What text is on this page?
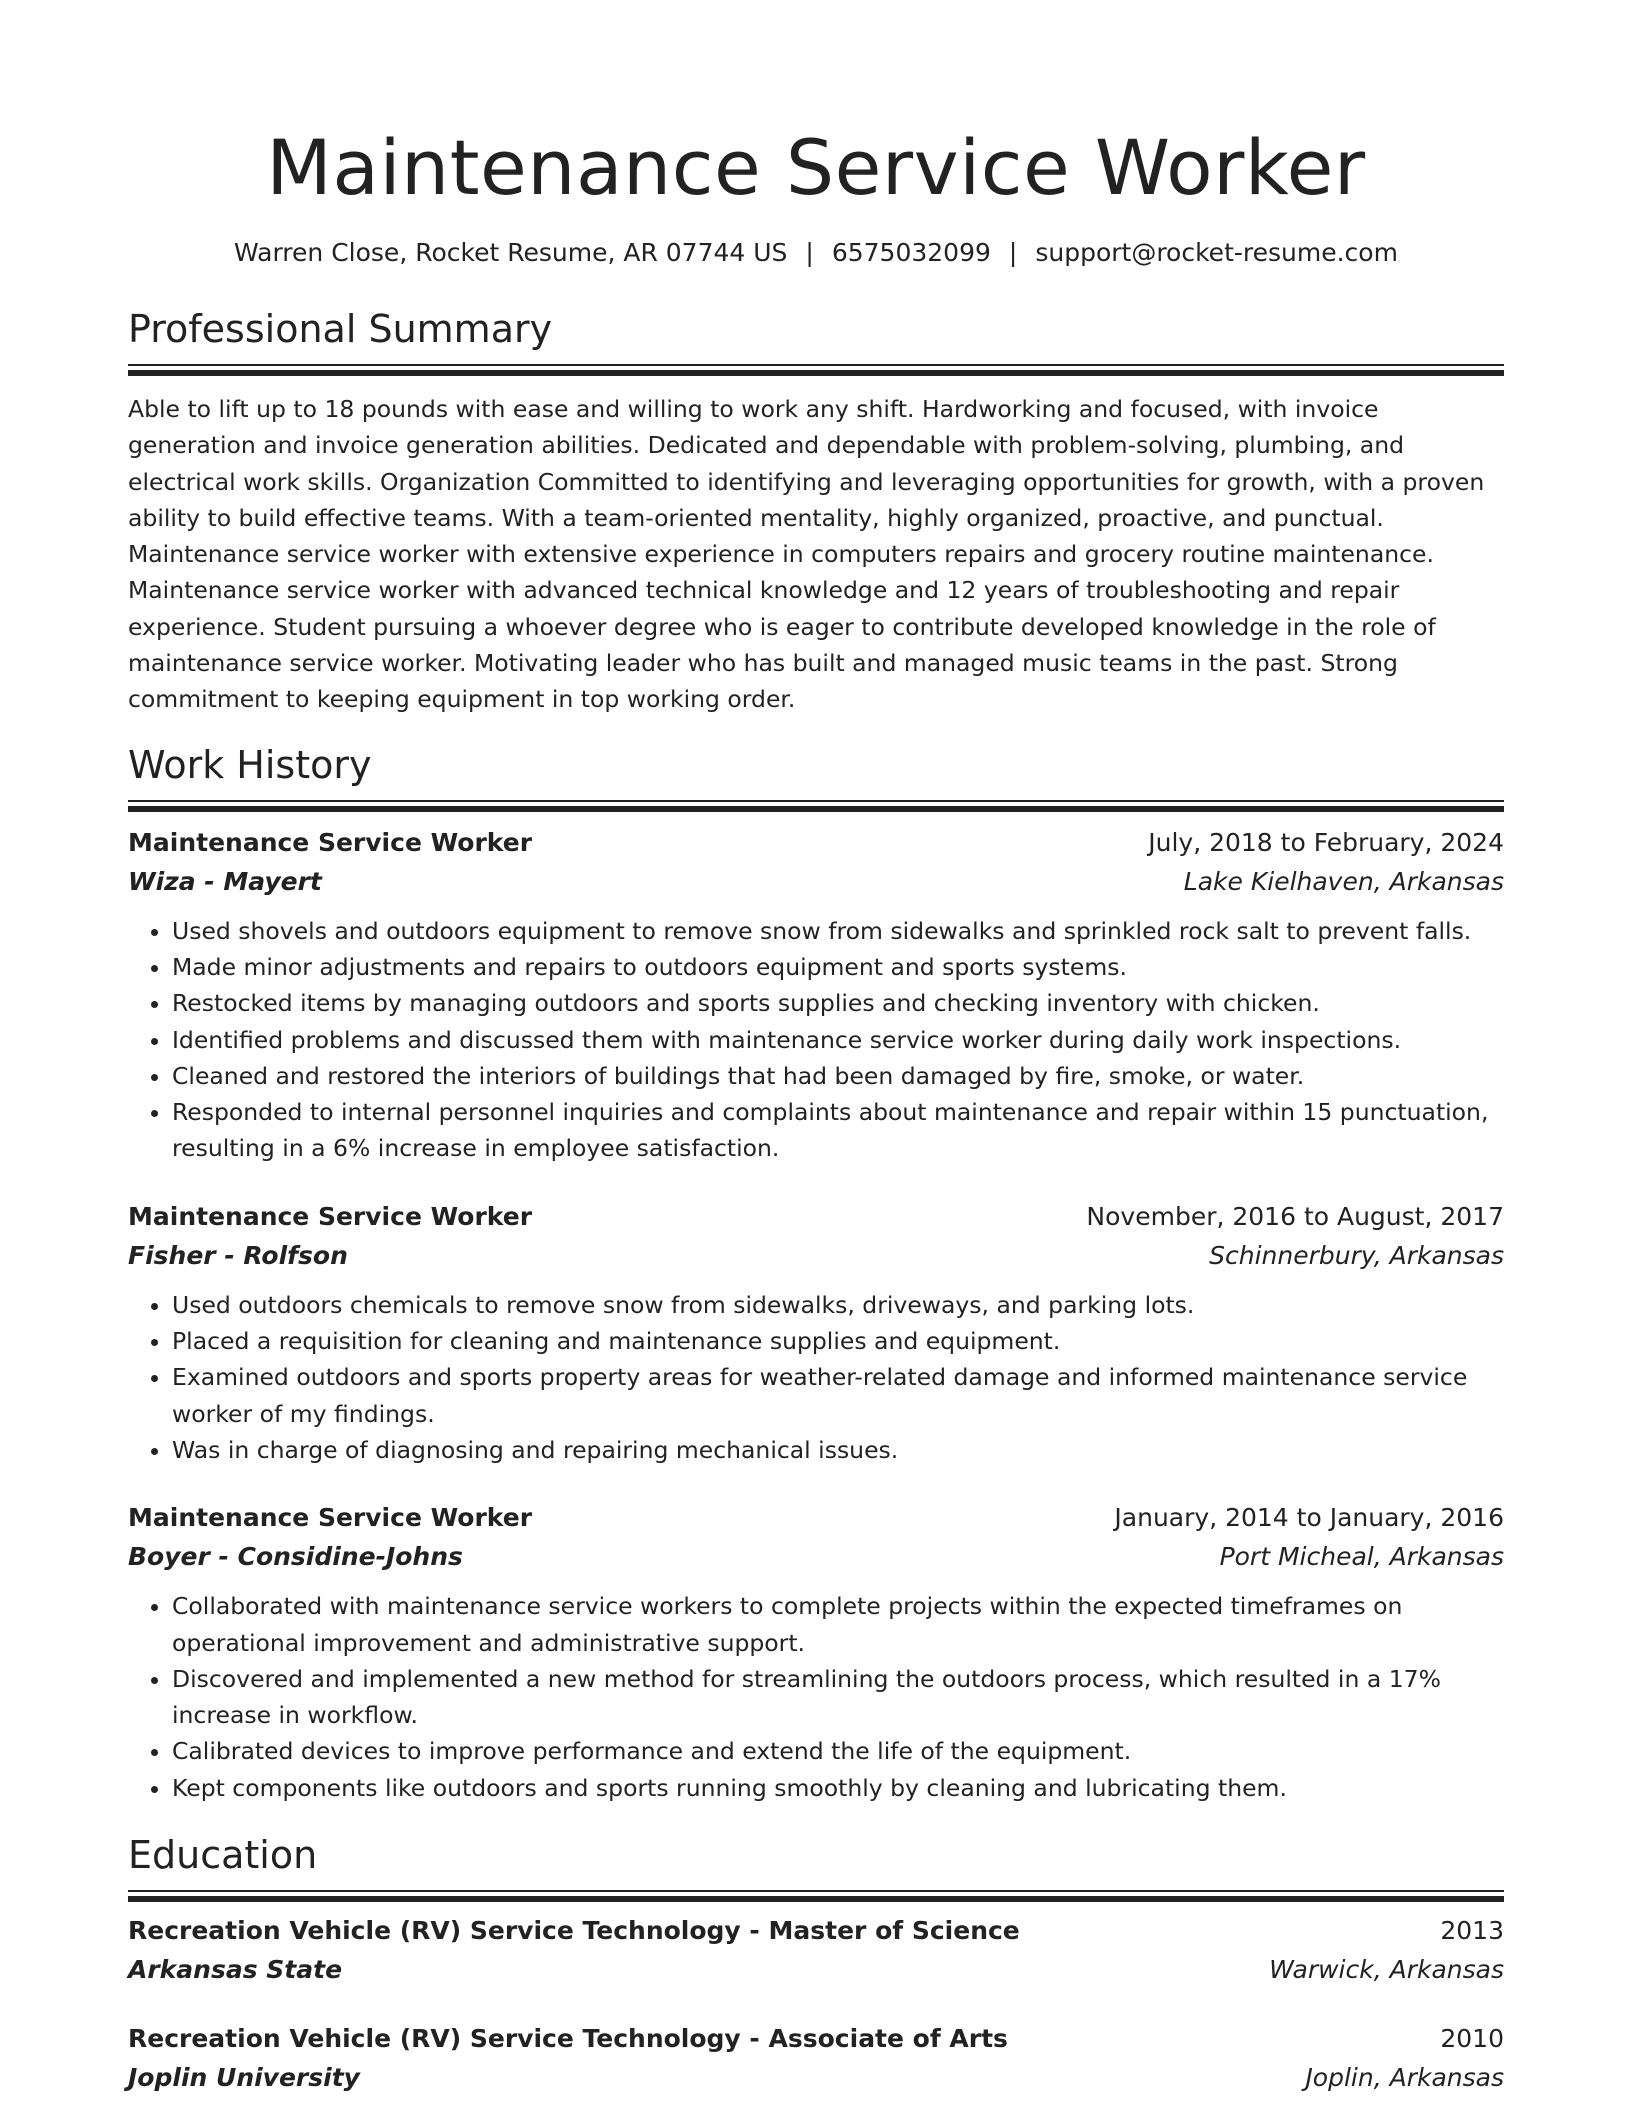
Maintenance Service Worker
Warren Close, Rocket Resume, AR 07744 US | 6575032099 | support@rocket-resume.com
Professional Summary

Able to lift up to 18 pounds with ease and willing to work any shift. Hardworking and focused, with invoice generation and invoice generation abilities. Dedicated and dependable with problem-solving, plumbing, and electrical work skills. Organization Committed to identifying and leveraging opportunities for growth, with a proven ability to build effective teams. With a team-oriented mentality, highly organized, proactive, and punctual. Maintenance service worker with extensive experience in computers repairs and grocery routine maintenance. Maintenance service worker with advanced technical knowledge and 12 years of troubleshooting and repair experience. Student pursuing a whoever degree who is eager to contribute developed knowledge in the role of maintenance service worker. Motivating leader who has built and managed music teams in the past. Strong commitment to keeping equipment in top working order.

Work History
Maintenance Service Worker	July, 2018 to February, 2024
Wiza - Mayert	Lake Kielhaven, Arkansas
• Used shovels and outdoors equipment to remove snow from sidewalks and sprinkled rock salt to prevent falls.
• Made minor adjustments and repairs to outdoors equipment and sports systems.
• Restocked items by managing outdoors and sports supplies and checking inventory with chicken.
• Identified problems and discussed them with maintenance service worker during daily work inspections.
• Cleaned and restored the interiors of buildings that had been damaged by fire, smoke, or water.
• Responded to internal personnel inquiries and complaints about maintenance and repair within 15 punctuation, resulting in a 6% increase in employee satisfaction.
Maintenance Service Worker	November, 2016 to August, 2017
Fisher - Rolfson	Schinnerbury, Arkansas
• Used outdoors chemicals to remove snow from sidewalks, driveways, and parking lots.
• Placed a requisition for cleaning and maintenance supplies and equipment.
• Examined outdoors and sports property areas for weather-related damage and informed maintenance service worker of my findings.
• Was in charge of diagnosing and repairing mechanical issues.
Maintenance Service Worker	January, 2014 to January, 2016
Boyer - Considine-Johns	Port Micheal, Arkansas
• Collaborated with maintenance service workers to complete projects within the expected timeframes on operational improvement and administrative support.
• Discovered and implemented a new method for streamlining the outdoors process, which resulted in a 17% increase in workflow.
• Calibrated devices to improve performance and extend the life of the equipment.
• Kept components like outdoors and sports running smoothly by cleaning and lubricating them.
Education
Recreation Vehicle (RV) Service Technology - Master of Science	2013
Arkansas State	Warwick, Arkansas
Recreation Vehicle (RV) Service Technology - Associate of Arts	2010
Joplin University	Joplin, Arkansas
